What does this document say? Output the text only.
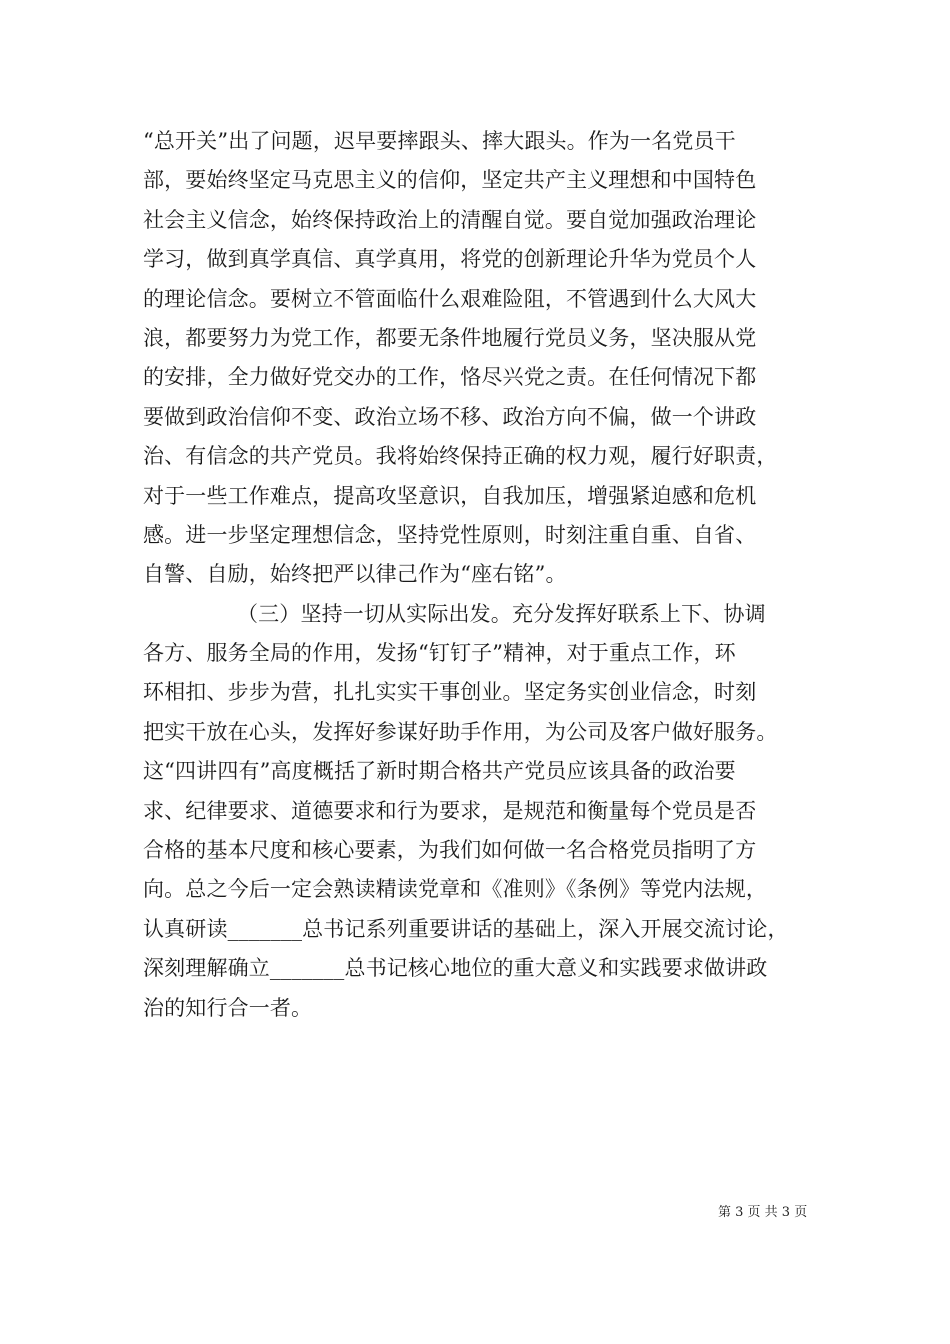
“总开关”出了问题，迟早要摔跟头、摔大跟头。作为一名党员干
部，要始终坚定马克思主义的信仰，坚定共产主义理想和中国特色
社会主义信念，始终保持政治上的清醒自觉。要自觉加强政治理论
学习，做到真学真信、真学真用，将党的创新理论升华为党员个人
的理论信念。要树立不管面临什么艰难险阻，不管遇到什么大风大
浪，都要努力为党工作，都要无条件地履行党员义务，坚决服从党
的安排，全力做好党交办的工作，恪尽兴党之责。在任何情况下都
要做到政治信仰不变、政治立场不移、政治方向不偏，做一个讲政
治、有信念的共产党员。我将始终保持正确的权力观，履行好职责，
对于一些工作难点，提高攻坚意识，自我加压，增强紧迫感和危机
感。进一步坚定理想信念，坚持党性原则，时刻注重自重、自省、
自警、自励，始终把严以律己作为“座右铭”。
（三）坚持一切从实际出发。充分发挥好联系上下、协调
各方、服务全局的作用，发扬“钉钉子”精神，对于重点工作，环
环相扣、步步为营，扎扎实实干事创业。坚定务实创业信念，时刻
把实干放在心头，发挥好参谋好助手作用，为公司及客户做好服务。
这“四讲四有”高度概括了新时期合格共产党员应该具备的政治要
求、纪律要求、道德要求和行为要求，是规范和衡量每个党员是否
合格的基本尺度和核心要素，为我们如何做一名合格党员指明了方
向。总之今后一定会熟读精读党章和《准则》《条例》等党内法规，
认真研读_______总书记系列重要讲话的基础上，深入开展交流讨论，
深刻理解确立_______总书记核心地位的重大意义和实践要求做讲政
治的知行合一者。
第 3 页 共 3 页
